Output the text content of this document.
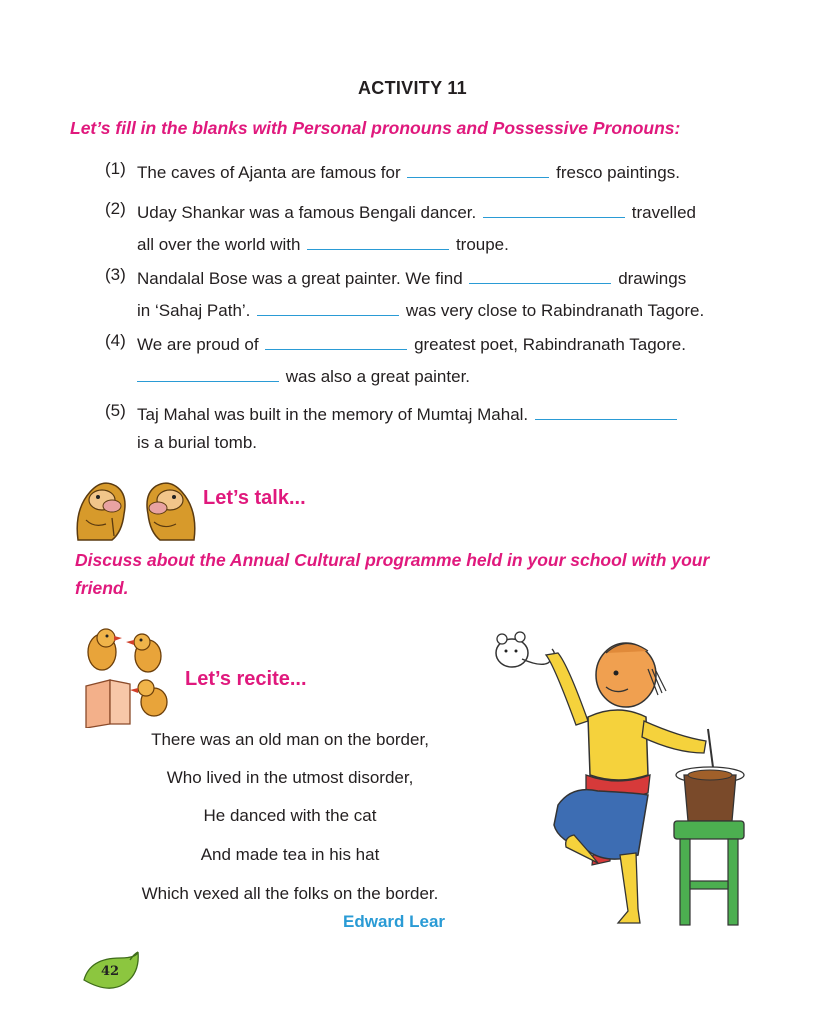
ACTIVITY 11
Let’s fill in the blanks with Personal pronouns and Possessive Pronouns:
(1) The caves of Ajanta are famous for	fresco paintings.
(2) Uday Shankar was a famous Bengali dancer.	travelled
all over the world with	troupe.
(3) Nandalal Bose was a great painter. We find	drawings
in ‘Sahaj Path’.	was very close to Rabindranath Tagore.
(4) We are proud of	greatest poet, Rabindranath Tagore.
was also a great painter.
(5) Taj Mahal was built in the memory of Mumtaj Mahal.
is a burial tomb.
Let’s talk...
Discuss about the Annual Cultural programme held in your school with your friend.
Let’s recite...
There was an old man on the border,
Who lived in the utmost disorder,
He danced with the cat
And made tea in his hat
Which vexed all the folks on the border.
Edward Lear
42
